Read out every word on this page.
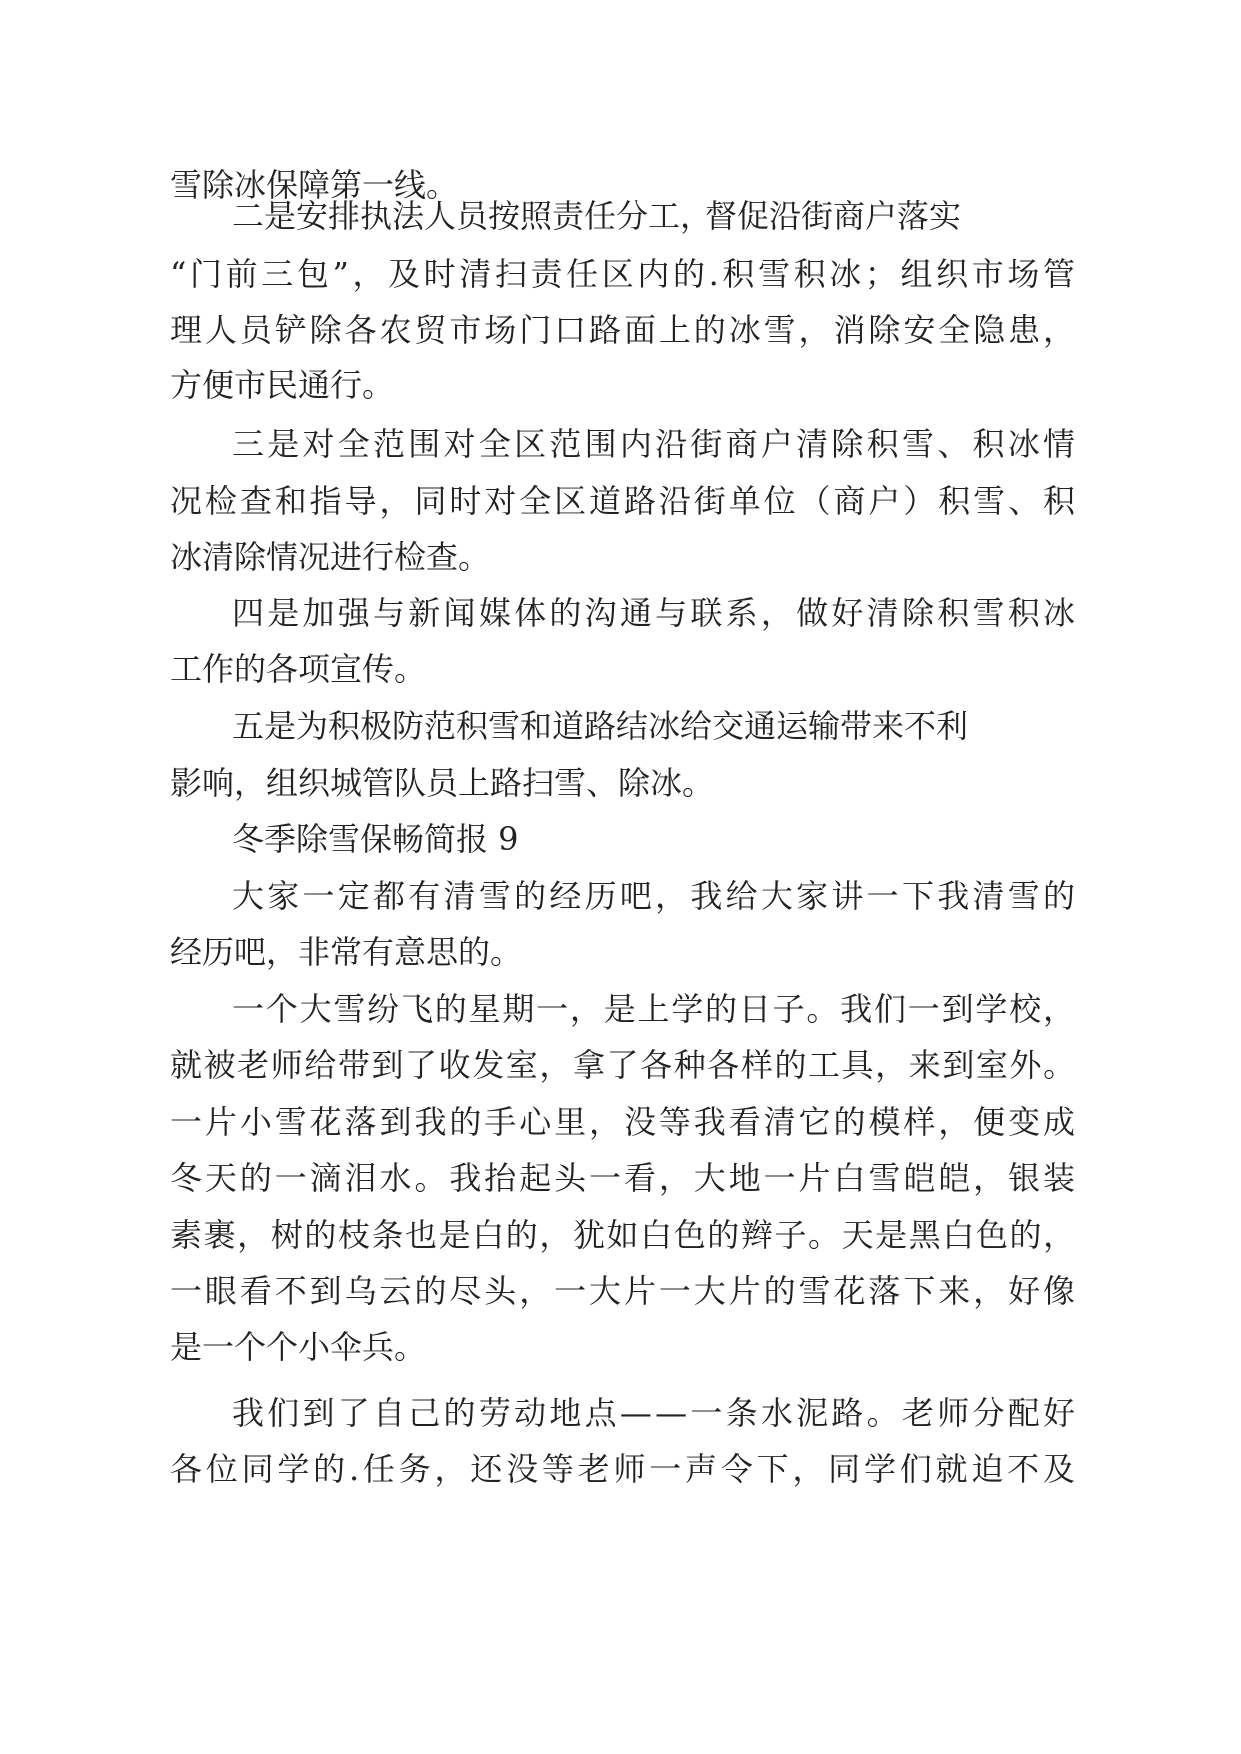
雪除冰保障第一线。
二是安排执法人员按照责任分工，
督促沿街商户落实
“门前三包”，及时清扫责任区内的.积雪积冰；组织市场管
理人员铲除各农贸市场门口路面上的冰雪，消除安全隐患，
方便市民通行。
三是对全范围对全区范围内沿街商户清除积雪、积冰情
况检查和指导，同时对全区道路沿街单位（商户）积雪、积
冰清除情况进行检查。
四是加强与新闻媒体的沟通与联系，做好清除积雪积冰
工作的各项宣传。
五是为积极防范积雪和道路结冰给交通运输带来不利
影响，组织城管队员上路扫雪、除冰。
冬季除雪保畅简报 9
大家一定都有清雪的经历吧，我给大家讲一下我清雪的
经历吧，非常有意思的。
一个大雪纷飞的星期一，是上学的日子。我们一到学校，
就被老师给带到了收发室，拿了各种各样的工具，来到室外。
一片小雪花落到我的手心里，没等我看清它的模样，便变成
冬天的一滴泪水。我抬起头一看，大地一片白雪皑皑，银装
素裹，树的枝条也是白的，犹如白色的辫子。天是黑白色的，
一眼看不到乌云的尽头，一大片一大片的雪花落下来，好像
是一个个小伞兵。
我们到了自己的劳动地点——一条水泥路。老师分配好
各位同学的.任务，还没等老师一声令下，同学们就迫不及
